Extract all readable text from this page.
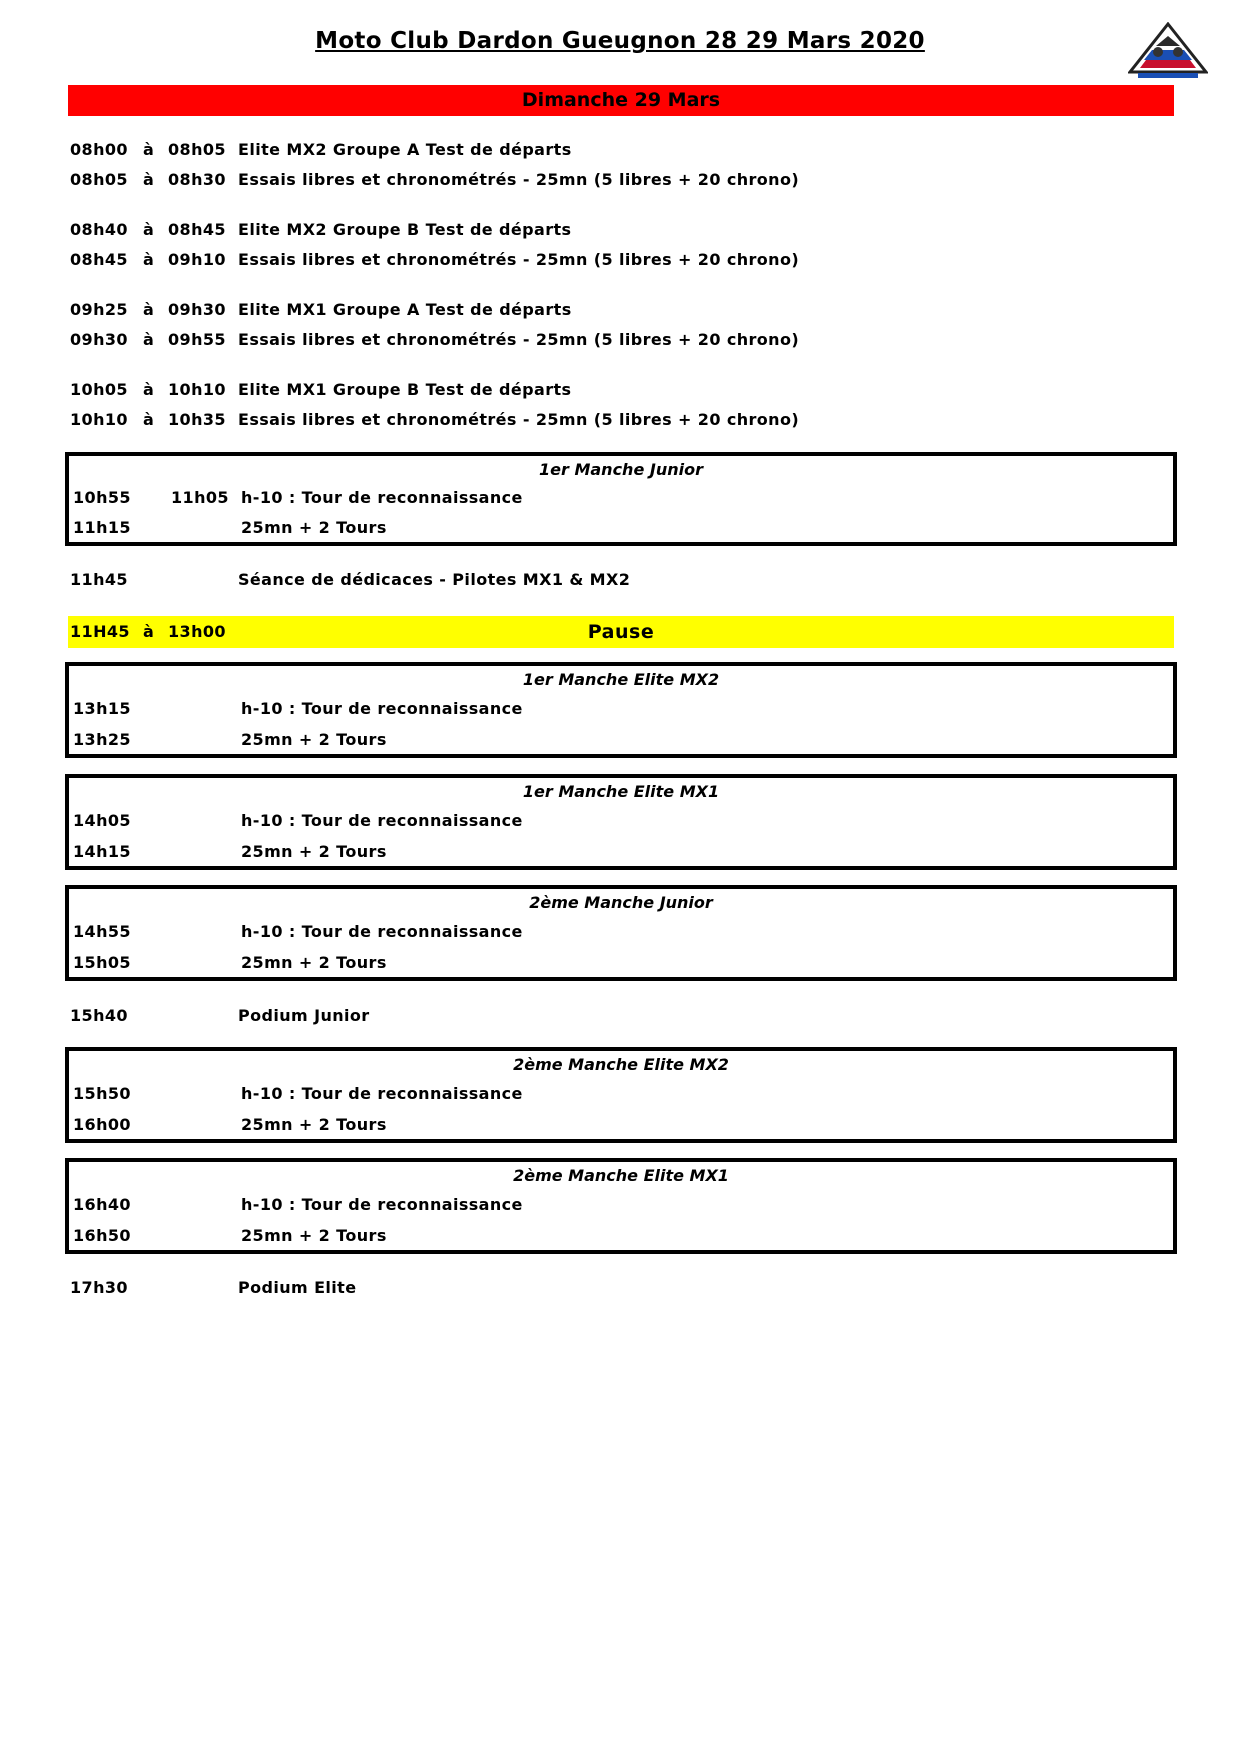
Moto Club Dardon Gueugnon 28 29 Mars 2020
Dimanche 29 Mars
08h00 à 08h05 Elite MX2 Groupe A Test de départs
08h05 à 08h30 Essais libres et chronométrés - 25mn (5 libres + 20 chrono)
08h40 à 08h45 Elite MX2 Groupe B Test de départs
08h45 à 09h10 Essais libres et chronométrés - 25mn (5 libres + 20 chrono)
09h25 à 09h30 Elite MX1 Groupe A Test de départs
09h30 à 09h55 Essais libres et chronométrés - 25mn (5 libres + 20 chrono)
10h05 à 10h10 Elite MX1 Groupe B Test de départs
10h10 à 10h35 Essais libres et chronométrés - 25mn (5 libres + 20 chrono)
1er Manche Junior
10h55	11h05 h-10 : Tour de reconnaissance
11h15	25mn + 2 Tours
11h45	Séance de dédicaces - Pilotes MX1 & MX2
Pause
11H45 à 13h00
1er Manche Elite MX2
13h15	h-10 : Tour de reconnaissance
13h25	25mn + 2 Tours
1er Manche Elite MX1
14h05	h-10 : Tour de reconnaissance
14h15	25mn + 2 Tours
2ème Manche Junior
14h55	h-10 : Tour de reconnaissance
15h05	25mn + 2 Tours
15h40	Podium Junior
2ème Manche Elite MX2
15h50	h-10 : Tour de reconnaissance
16h00	25mn + 2 Tours
2ème Manche Elite MX1
16h40	h-10 : Tour de reconnaissance
16h50	25mn + 2 Tours
17h30	Podium Elite
